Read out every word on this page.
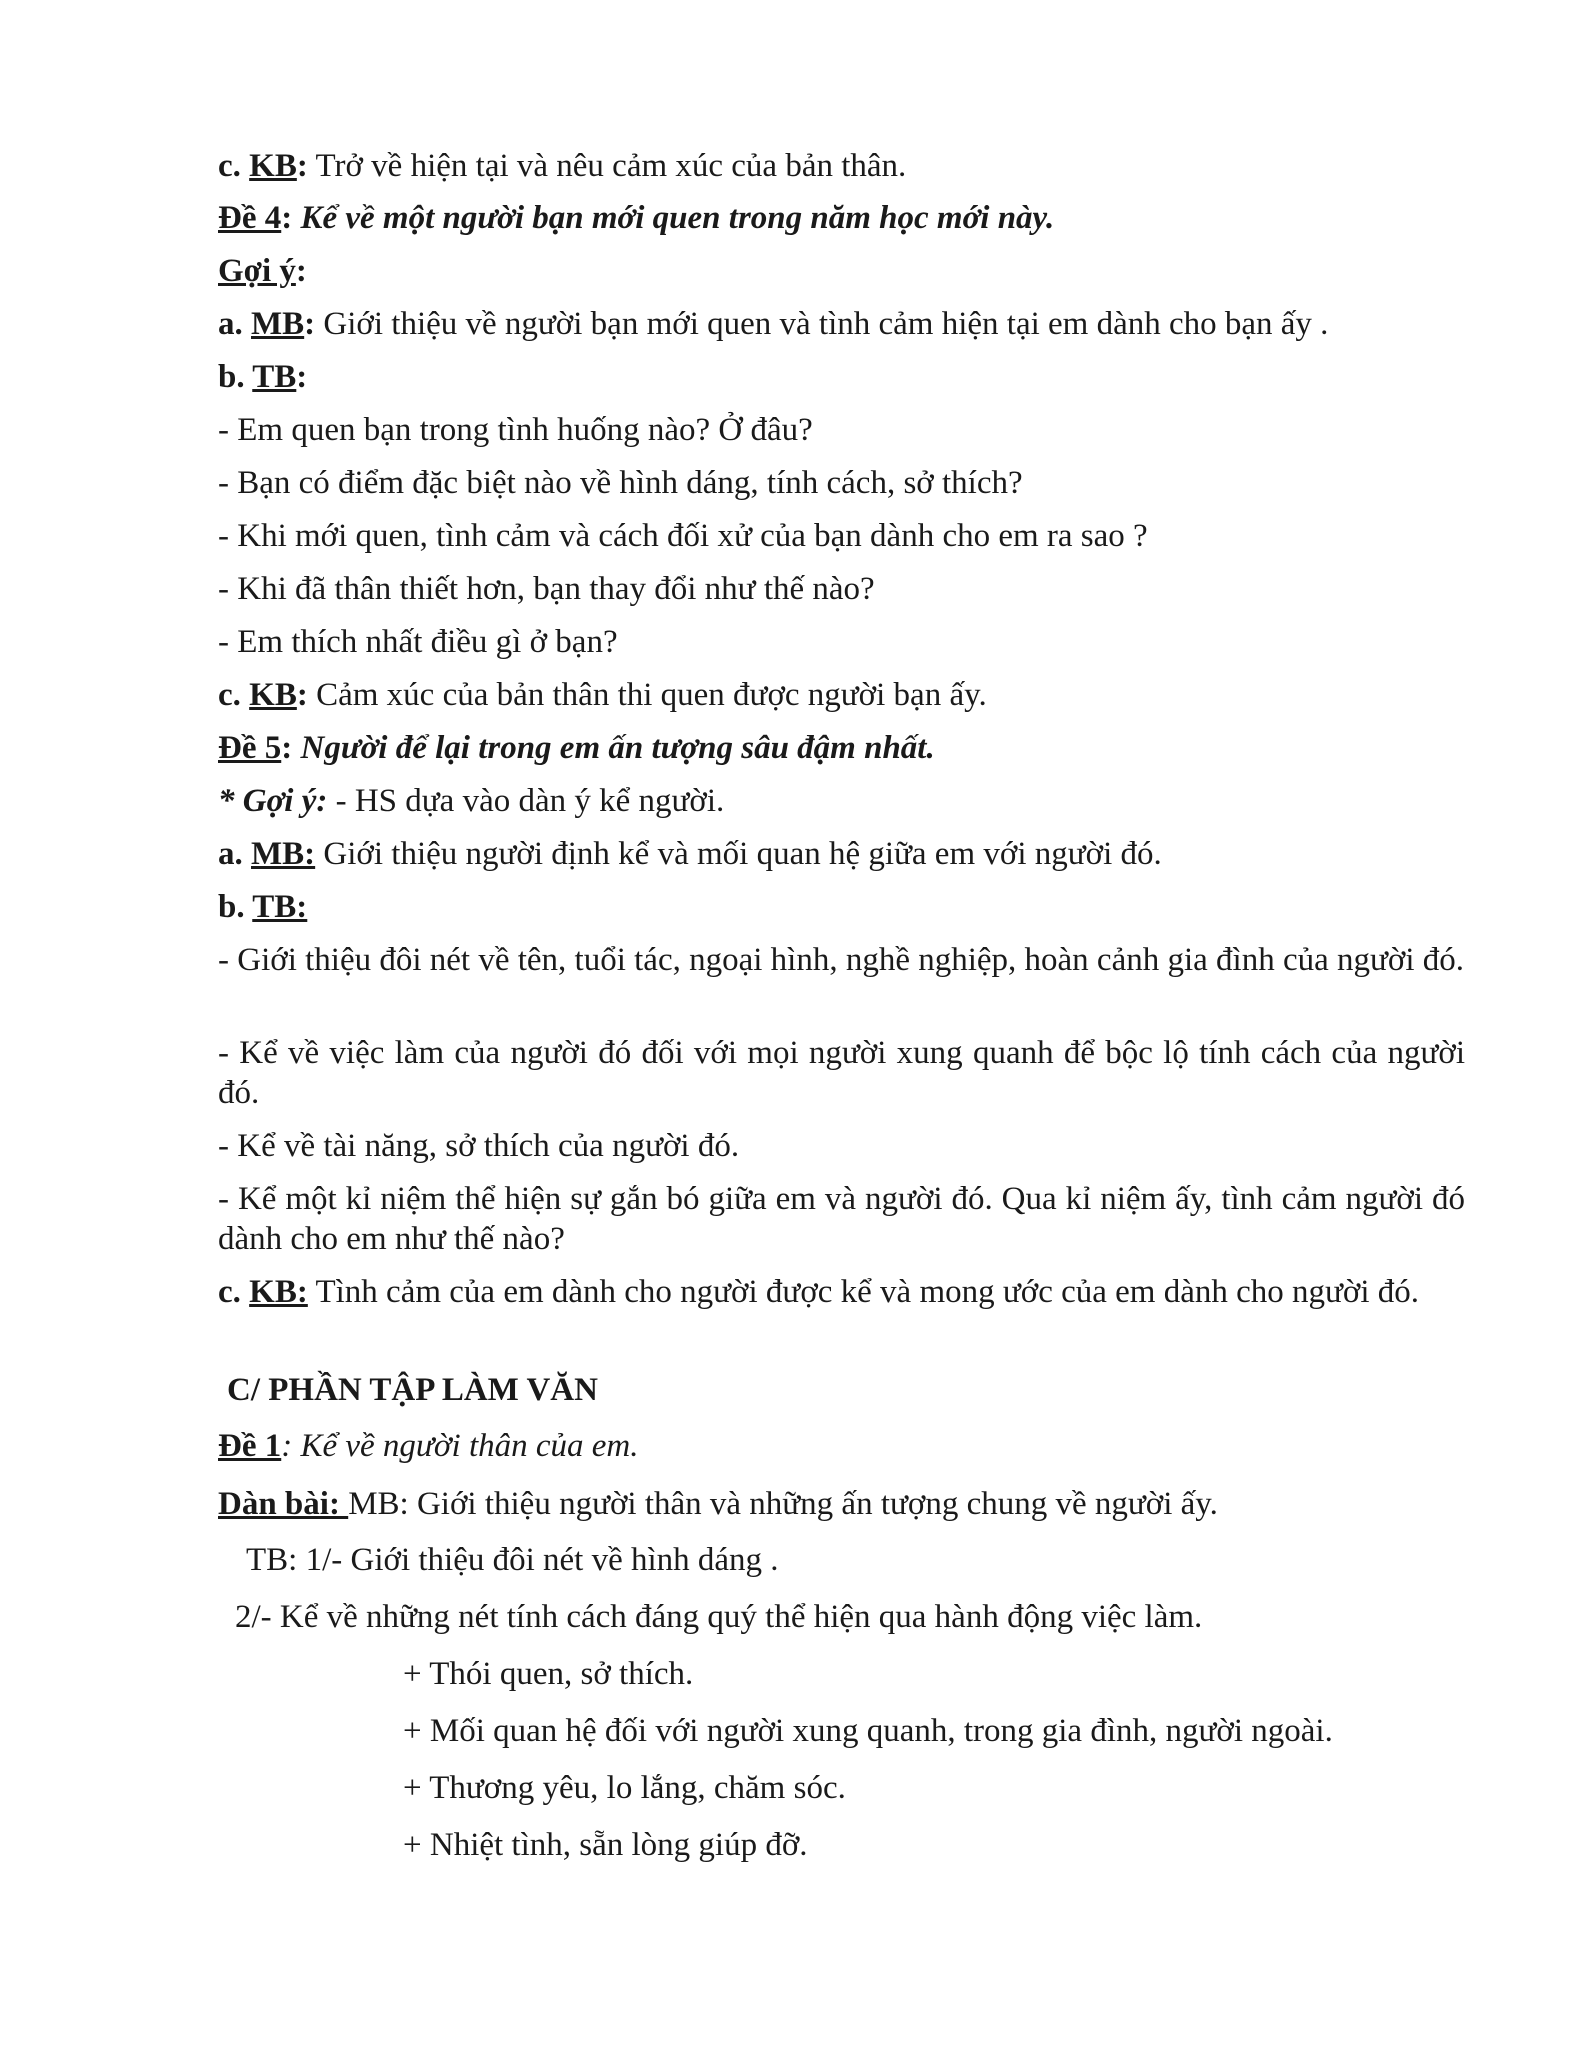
c. KB: Trở về hiện tại và nêu cảm xúc của bản thân.

Đề 4: Kể về một người bạn mới quen trong năm học mới này.

Gợi ý:

a. MB: Giới thiệu về người bạn mới quen và tình cảm hiện tại em dành cho bạn ấy .

b. TB:

- Em quen bạn trong tình huống nào? Ở đâu?

- Bạn có điểm đặc biệt nào về hình dáng, tính cách, sở thích?

- Khi mới quen, tình cảm và cách đối xử của bạn dành cho em ra sao ?

- Khi đã thân thiết hơn, bạn thay đổi như thế nào?

- Em thích nhất điều gì ở bạn?

c. KB: Cảm xúc của bản thân thi quen được người bạn ấy.

Đề 5: Người để lại trong em ấn tượng sâu đậm nhất.

* Gợi ý: - HS dựa vào dàn ý kể người.

a. MB: Giới thiệu người định kể và mối quan hệ giữa em với người đó.

b. TB:

- Giới thiệu đôi nét về tên, tuổi tác, ngoại hình, nghề nghiệp, hoàn cảnh gia đình của người đó.

- Kể về việc làm của người đó đối với mọi người xung quanh để bộc lộ tính cách của người đó.

- Kể về tài năng, sở thích của người đó.

- Kể một kỉ niệm thể hiện sự gắn bó giữa em và người đó. Qua kỉ niệm ấy, tình cảm người đó dành cho em như thế nào?

c. KB: Tình cảm của em dành cho người được kể và mong ước của em dành cho người đó.

C/ PHẦN TẬP LÀM VĂN

Đề 1: Kể về người thân của em.

Dàn bài: MB: Giới thiệu người thân và những ấn tượng chung về người ấy.

TB: 1/- Giới thiệu đôi nét về hình dáng .

2/- Kể về những nét tính cách đáng quý thể hiện qua hành động việc làm.

+ Thói quen, sở thích.

+ Mối quan hệ đối với người xung quanh, trong gia đình, người ngoài.

+ Thương yêu, lo lắng, chăm sóc.

+ Nhiệt tình, sẵn lòng giúp đỡ.
